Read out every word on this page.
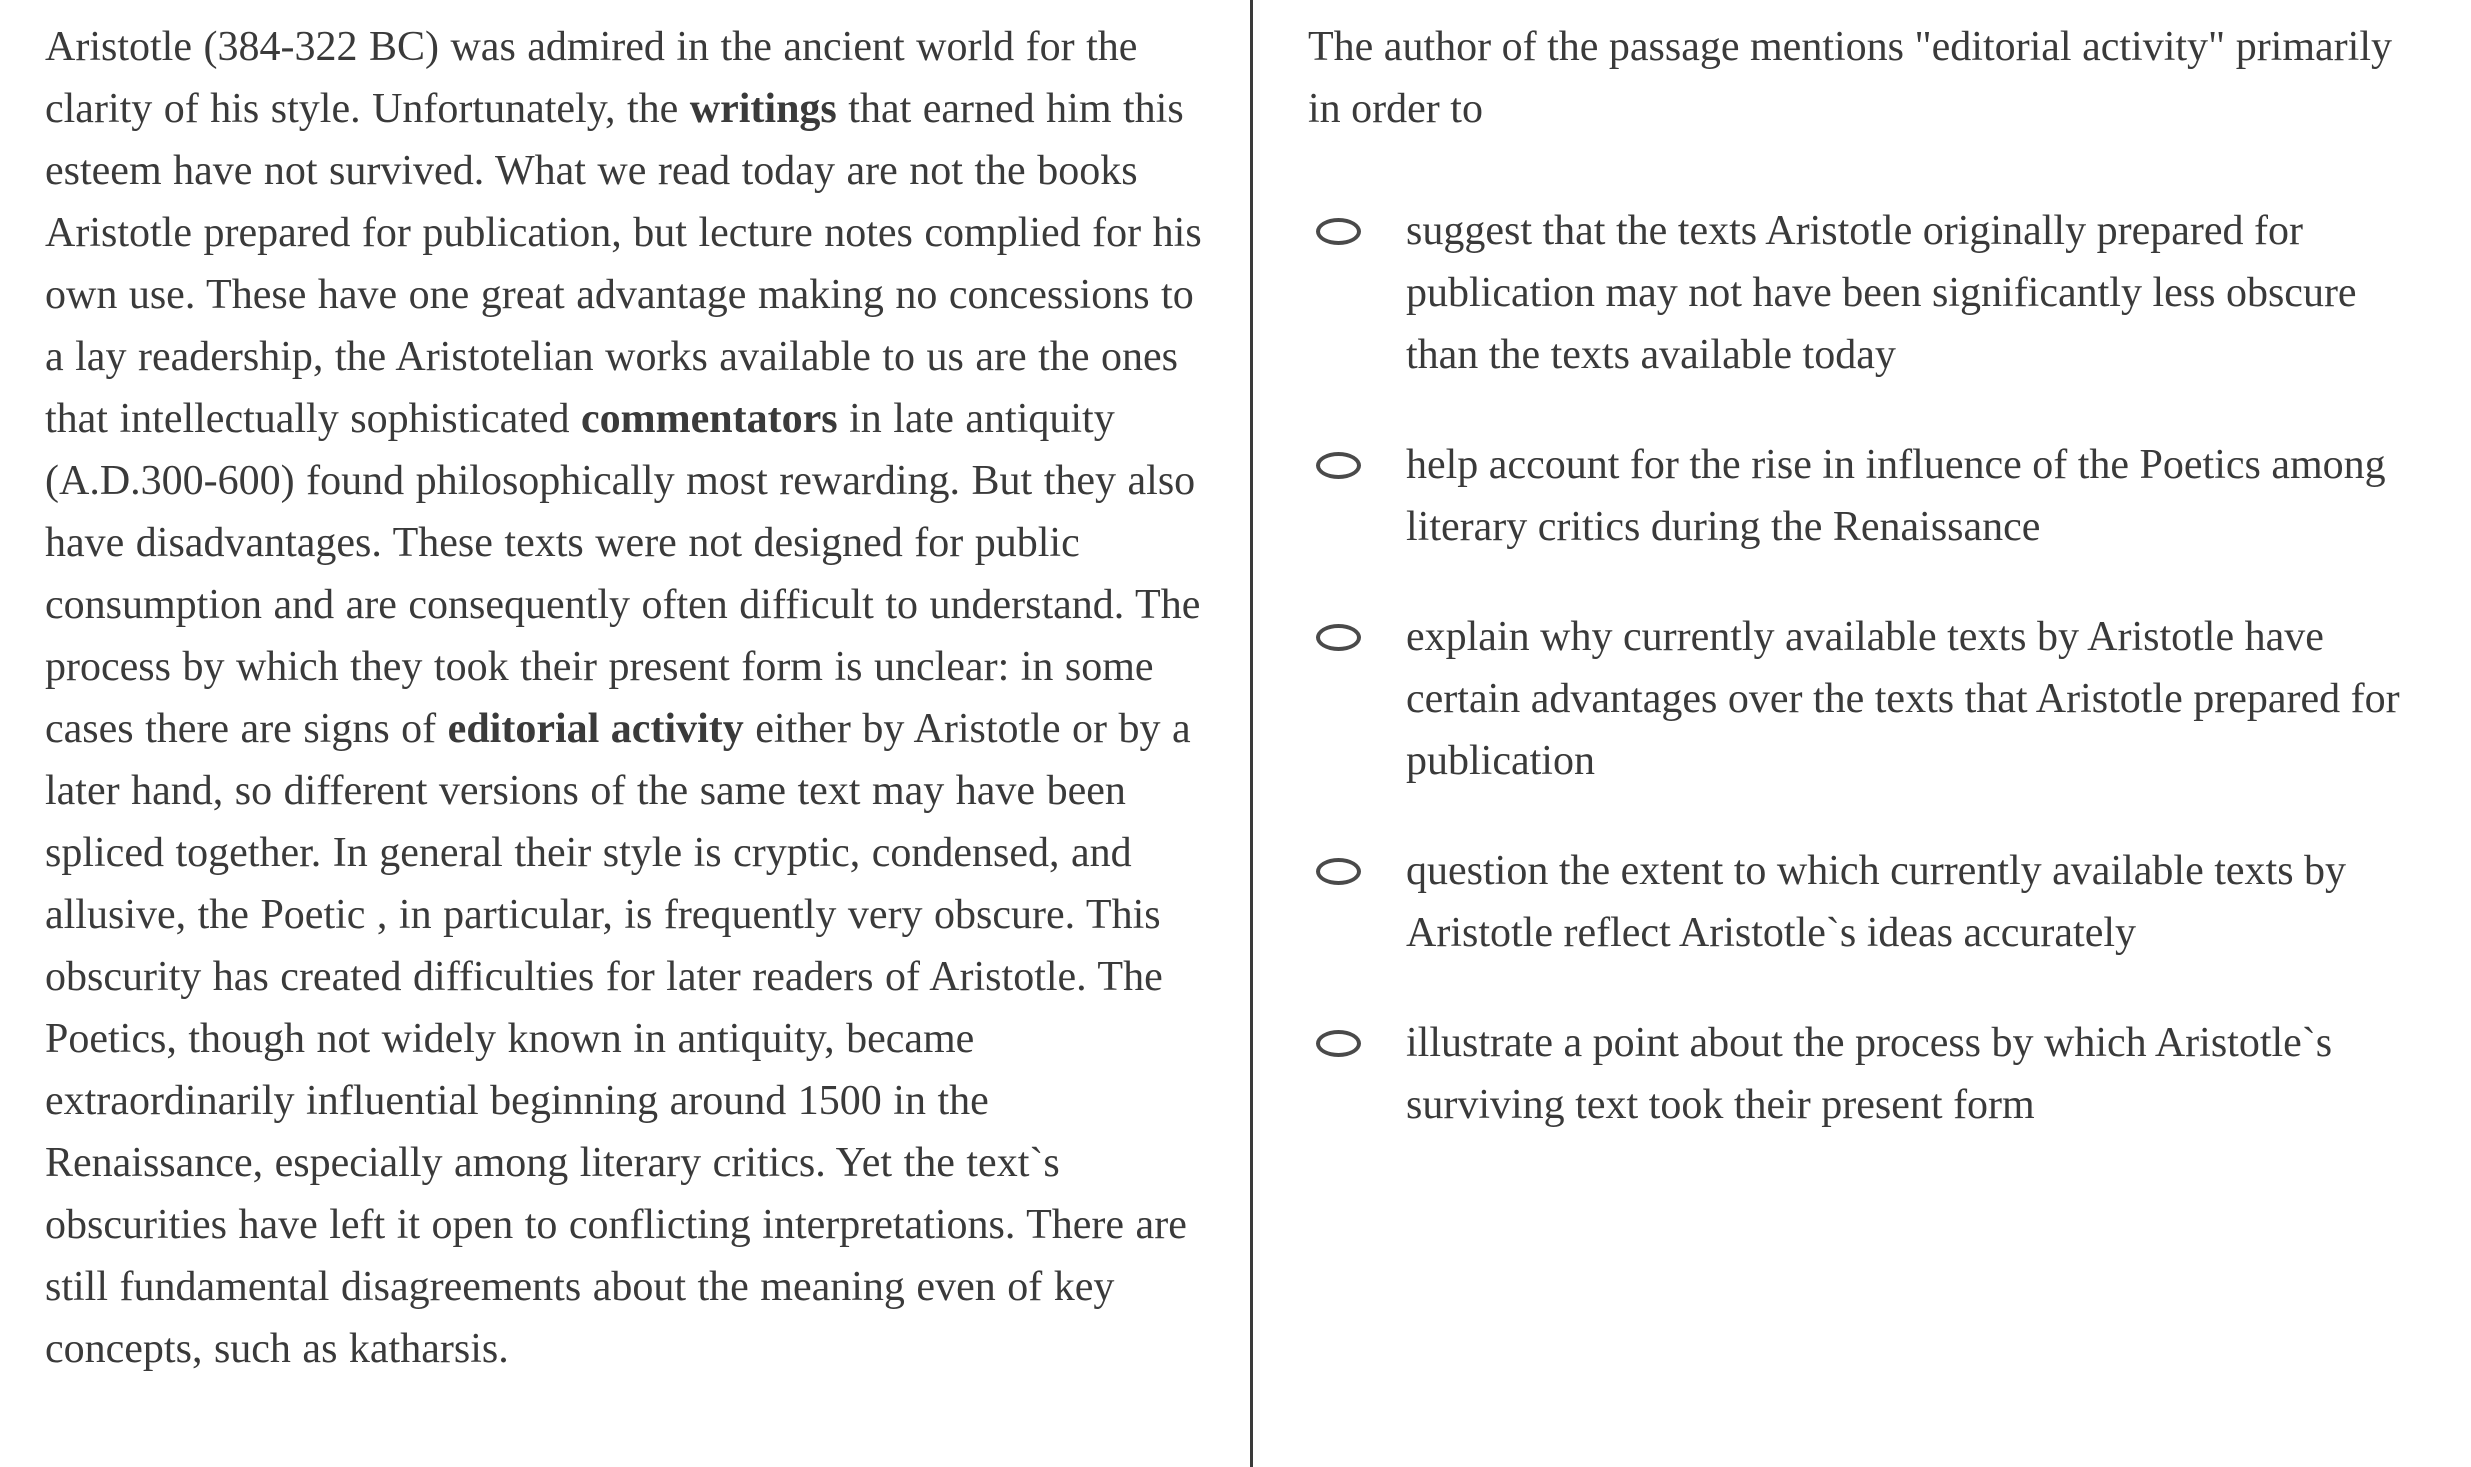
Aristotle (384-322 BC) was admired in the ancient world for the clarity of his style. Unfortunately, the writings that earned him this esteem have not survived. What we read today are not the books Aristotle prepared for publication, but lecture notes complied for his own use. These have one great advantage making no concessions to a lay readership, the Aristotelian works available to us are the ones that intellectually sophisticated commentators in late antiquity (A.D.300-600) found philosophically most rewarding. But they also have disadvantages. These texts were not designed for public consumption and are consequently often difficult to understand. The process by which they took their present form is unclear: in some cases there are signs of editorial activity either by Aristotle or by a later hand, so different versions of the same text may have been spliced together. In general their style is cryptic, condensed, and allusive, the Poetic , in particular, is frequently very obscure. This obscurity has created difficulties for later readers of Aristotle. The Poetics, though not widely known in antiquity, became extraordinarily influential beginning around 1500 in the Renaissance, especially among literary critics. Yet the text`s obscurities have left it open to conflicting interpretations. There are still fundamental disagreements about the meaning even of key concepts, such as katharsis.

The author of the passage mentions "editorial activity" primarily in order to

suggest that the texts Aristotle originally prepared for publication may not have been significantly less obscure than the texts available today
help account for the rise in influence of the Poetics among literary critics during the Renaissance
explain why currently available texts by Aristotle have certain advantages over the texts that Aristotle prepared for publication
question the extent to which currently available texts by Aristotle reflect Aristotle`s ideas accurately
illustrate a point about the process by which Aristotle`s surviving text took their present form
